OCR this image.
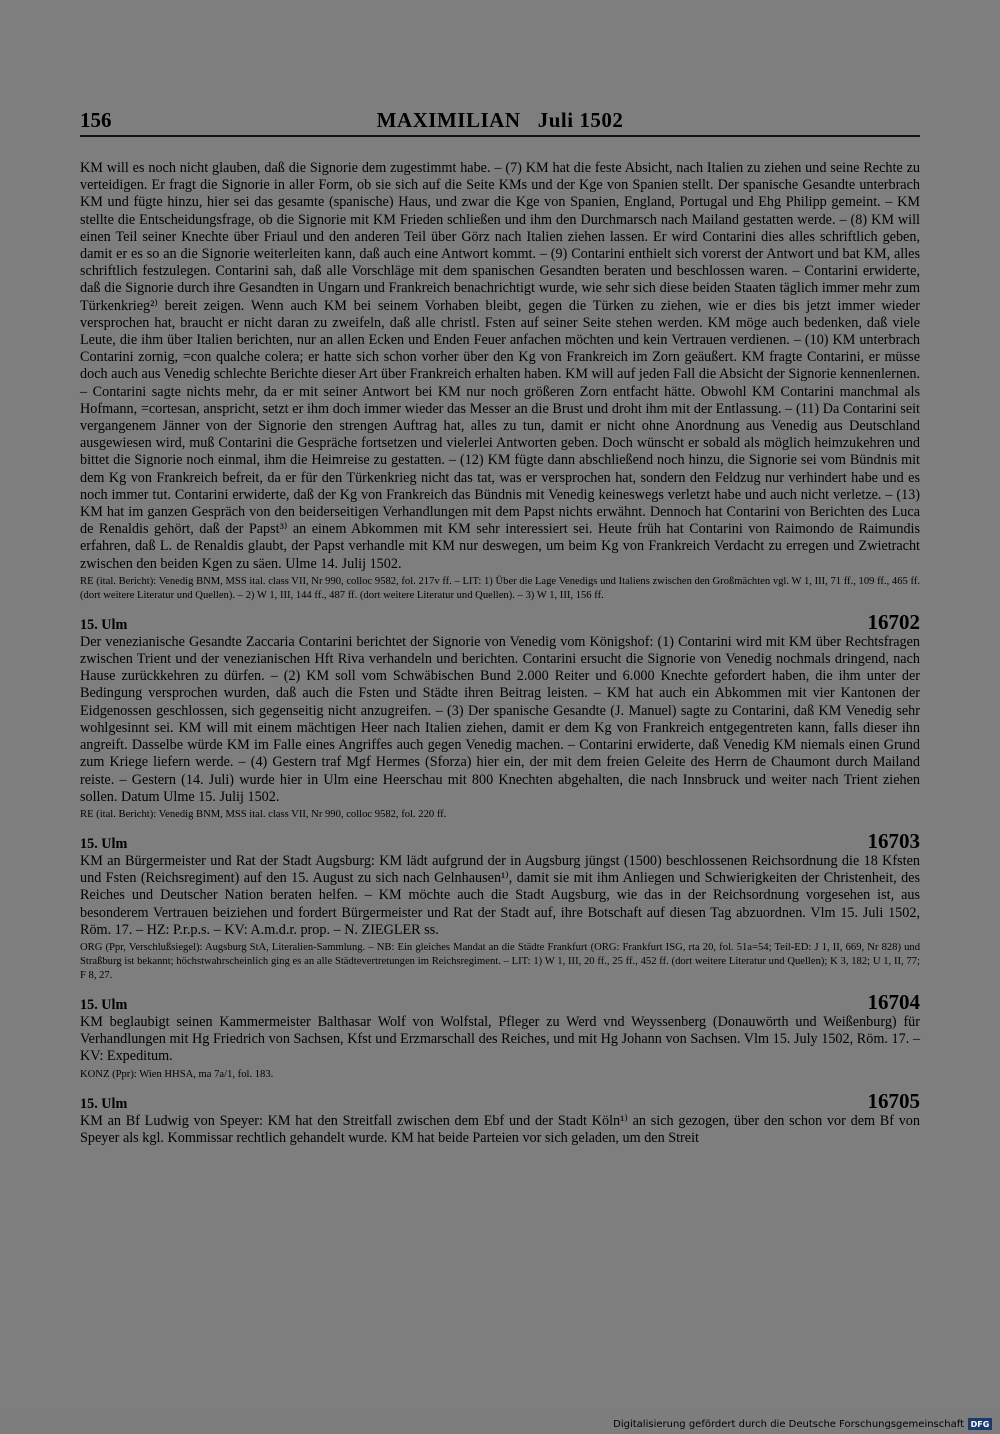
156	MAXIMILIAN   Juli 1502

KM will es noch nicht glauben, daß die Signorie dem zugestimmt habe. – (7) KM hat die feste Absicht, nach Italien zu ziehen und seine Rechte zu verteidigen. Er fragt die Signorie in aller Form, ob sie sich auf die Seite KMs und der Kge von Spanien stellt. Der spanische Gesandte unterbrach KM und fügte hinzu, hier sei das gesamte (spanische) Haus, und zwar die Kge von Spanien, England, Portugal und Ehg Philipp gemeint. – KM stellte die Entscheidungsfrage, ob die Signorie mit KM Frieden schließen und ihm den Durchmarsch nach Mailand gestatten werde. – (8) KM will einen Teil seiner Knechte über Friaul und den anderen Teil über Görz nach Italien ziehen lassen. Er wird Contarini dies alles schriftlich geben, damit er es so an die Signorie weiterleiten kann, daß auch eine Antwort kommt. – (9) Contarini enthielt sich vorerst der Antwort und bat KM, alles schriftlich festzulegen. Contarini sah, daß alle Vorschläge mit dem spanischen Gesandten beraten und beschlossen waren. – Contarini erwiderte, daß die Signorie durch ihre Gesandten in Ungarn und Frankreich benachrichtigt wurde, wie sehr sich diese beiden Staaten täglich immer mehr zum Türkenkrieg²⁾ bereit zeigen. Wenn auch KM bei seinem Vorhaben bleibt, gegen die Türken zu ziehen, wie er dies bis jetzt immer wieder versprochen hat, braucht er nicht daran zu zweifeln, daß alle christl. Fsten auf seiner Seite stehen werden. KM möge auch bedenken, daß viele Leute, die ihm über Italien berichten, nur an allen Ecken und Enden Feuer anfachen möchten und kein Vertrauen verdienen. – (10) KM unterbrach Contarini zornig, =con qualche colera; er hatte sich schon vorher über den Kg von Frankreich im Zorn geäußert. KM fragte Contarini, er müsse doch auch aus Venedig schlechte Berichte dieser Art über Frankreich erhalten haben. KM will auf jeden Fall die Absicht der Signorie kennenlernen. – Contarini sagte nichts mehr, da er mit seiner Antwort bei KM nur noch größeren Zorn entfacht hätte. Obwohl KM Contarini manchmal als Hofmann, =cortesan, anspricht, setzt er ihm doch immer wieder das Messer an die Brust und droht ihm mit der Entlassung. – (11) Da Contarini seit vergangenem Jänner von der Signorie den strengen Auftrag hat, alles zu tun, damit er nicht ohne Anordnung aus Venedig aus Deutschland ausgewiesen wird, muß Contarini die Gespräche fortsetzen und vielerlei Antworten geben. Doch wünscht er sobald als möglich heimzukehren und bittet die Signorie noch einmal, ihm die Heimreise zu gestatten. – (12) KM fügte dann abschließend noch hinzu, die Signorie sei vom Bündnis mit dem Kg von Frankreich befreit, da er für den Türkenkrieg nicht das tat, was er versprochen hat, sondern den Feldzug nur verhindert habe und es noch immer tut. Contarini erwiderte, daß der Kg von Frankreich das Bündnis mit Venedig keineswegs verletzt habe und auch nicht verletze. – (13) KM hat im ganzen Gespräch von den beiderseitigen Verhandlungen mit dem Papst nichts erwähnt. Dennoch hat Contarini von Berichten des Luca de Renaldis gehört, daß der Papst³⁾ an einem Abkommen mit KM sehr interessiert sei. Heute früh hat Contarini von Raimondo de Raimundis erfahren, daß L. de Renaldis glaubt, der Papst verhandle mit KM nur deswegen, um beim Kg von Frankreich Verdacht zu erregen und Zwietracht zwischen den beiden Kgen zu säen. Ulme 14. Julij 1502.

RE (ital. Bericht): Venedig BNM, MSS ital. class VII, Nr 990, colloc 9582, fol. 217v ff. – LIT: 1) Über die Lage Venedigs und Italiens zwischen den Großmächten vgl. W 1, III, 71 ff., 109 ff., 465 ff. (dort weitere Literatur und Quellen). – 2) W 1, III, 144 ff., 487 ff. (dort weitere Literatur und Quellen). – 3) W 1, III, 156 ff.

15. Ulm	16702

Der venezianische Gesandte Zaccaria Contarini berichtet der Signorie von Venedig vom Königshof: (1) Contarini wird mit KM über Rechtsfragen zwischen Trient und der venezianischen Hft Riva verhandeln und berichten. Contarini ersucht die Signorie von Venedig nochmals dringend, nach Hause zurückkehren zu dürfen. – (2) KM soll vom Schwäbischen Bund 2.000 Reiter und 6.000 Knechte gefordert haben, die ihm unter der Bedingung versprochen wurden, daß auch die Fsten und Städte ihren Beitrag leisten. – KM hat auch ein Abkommen mit vier Kantonen der Eidgenossen geschlossen, sich gegenseitig nicht anzugreifen. – (3) Der spanische Gesandte (J. Manuel) sagte zu Contarini, daß KM Venedig sehr wohlgesinnt sei. KM will mit einem mächtigen Heer nach Italien ziehen, damit er dem Kg von Frankreich entgegentreten kann, falls dieser ihn angreift. Dasselbe würde KM im Falle eines Angriffes auch gegen Venedig machen. – Contarini erwiderte, daß Venedig KM niemals einen Grund zum Kriege liefern werde. – (4) Gestern traf Mgf Hermes (Sforza) hier ein, der mit dem freien Geleite des Herrn de Chaumont durch Mailand reiste. – Gestern (14. Juli) wurde hier in Ulm eine Heerschau mit 800 Knechten abgehalten, die nach Innsbruck und weiter nach Trient ziehen sollen. Datum Ulme 15. Julij 1502.

RE (ital. Bericht): Venedig BNM, MSS ital. class VII, Nr 990, colloc 9582, fol. 220 ff.

15. Ulm	16703

KM an Bürgermeister und Rat der Stadt Augsburg: KM lädt aufgrund der in Augsburg jüngst (1500) beschlossenen Reichsordnung die 18 Kfsten und Fsten (Reichsregiment) auf den 15. August zu sich nach Gelnhausen¹⁾, damit sie mit ihm Anliegen und Schwierigkeiten der Christenheit, des Reiches und Deutscher Nation beraten helfen. – KM möchte auch die Stadt Augsburg, wie das in der Reichsordnung vorgesehen ist, aus besonderem Vertrauen beiziehen und fordert Bürgermeister und Rat der Stadt auf, ihre Botschaft auf diesen Tag abzuordnen. Vlm 15. Juli 1502, Röm. 17. – HZ: P.r.p.s. – KV: A.m.d.r. prop. – N. ZIEGLER ss.

ORG (Ppr, Verschlußsiegel): Augsburg StA, Literalien-Sammlung. – NB: Ein gleiches Mandat an die Städte Frankfurt (ORG: Frankfurt ISG, rta 20, fol. 51a=54; Teil-ED: J 1, II, 669, Nr 828) und Straßburg ist bekannt; höchstwahrscheinlich ging es an alle Städtevertretungen im Reichsregiment. – LIT: 1) W 1, III, 20 ff., 25 ff., 452 ff. (dort weitere Literatur und Quellen); K 3, 182; U 1, II, 77; F 8, 27.

15. Ulm	16704

KM beglaubigt seinen Kammermeister Balthasar Wolf von Wolfstal, Pfleger zu Werd vnd Weyssenberg (Donauwörth und Weißenburg) für Verhandlungen mit Hg Friedrich von Sachsen, Kfst und Erzmarschall des Reiches, und mit Hg Johann von Sachsen. Vlm 15. July 1502, Röm. 17. – KV: Expeditum.

KONZ (Ppr): Wien HHSA, ma 7a/1, fol. 183.

15. Ulm	16705

KM an Bf Ludwig von Speyer: KM hat den Streitfall zwischen dem Ebf und der Stadt Köln¹⁾ an sich gezogen, über den schon vor dem Bf von Speyer als kgl. Kommissar rechtlich gehandelt wurde. KM hat beide Parteien vor sich geladen, um den Streit

Digitalisierung gefördert durch die Deutsche Forschungsgemeinschaft DFG
